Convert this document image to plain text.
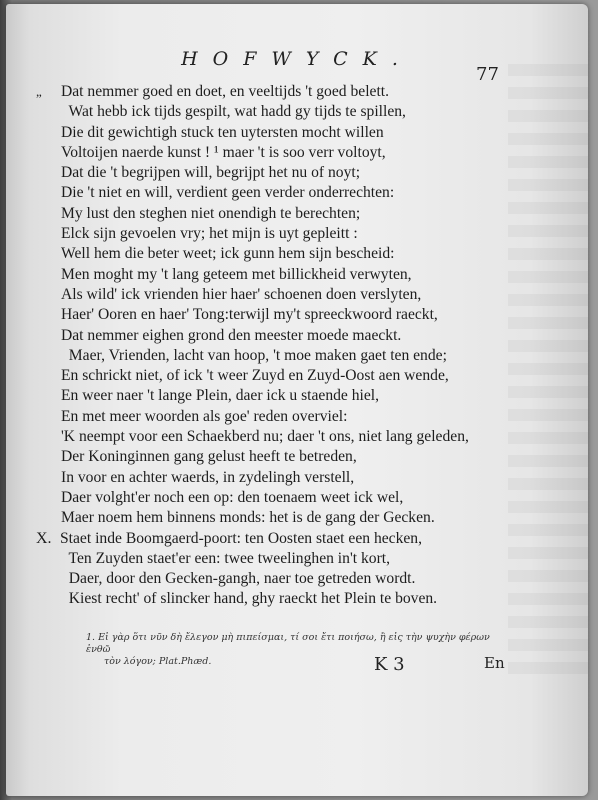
HOFWYCK.
77
„ Dat nemmer goed en doet, en veeltijds 't goed belett.
Wat hebb ick tijds gespilt, wat hadd gy tijds te spillen,
Die dit gewichtigh stuck ten uytersten mocht willen
Voltoijen naerde kunst ! ¹ maer 't is soo verr voltoyt,
Dat die 't begrijpen will, begrijpt het nu of noyt;
Die 't niet en will, verdient geen verder onderrechten:
My lust den steghen niet onendigh te berechten;
Elck sijn gevoelen vry; het mijn is uyt gepleitt :
Well hem die beter weet; ick gunn hem sijn bescheid:
Men moght my 't lang geteem met billickheid verwyten,
Als wild' ick vrienden hier haer' schoenen doen verslyten,
Haer' Ooren en haer' Tong:terwijl my't spreeckwoord raeckt,
Dat nemmer eighen grond den meester moede maeckt.
Maer, Vrienden, lacht van hoop, 't moe maken gaet ten ende;
En schrickt niet, of ick 't weer Zuyd en Zuyd-Oost aen wende,
En weer naer 't lange Plein, daer ick u staende hiel,
En met meer woorden als goe' reden overviel:
'K neempt voor een Schaekberd nu; daer 't ons, niet lang geleden,
Der Koninginnen gang gelust heeft te betreden,
In voor en achter waerds, in zydelingh verstell,
Daer volght'er noch een op: den toenaem weet ick wel,
Maer noem hem binnens monds: het is de gang der Gecken.
X. Staet inde Boomgaerd-poort: ten Oosten staet een hecken,
Ten Zuyden staet'er een: twee tweelinghen in't kort,
Daer, door den Gecken-gangh, naer toe getreden wordt.
Kiest recht' of slincker hand, ghy raeckt het Plein te boven.
1. Εἰ γὰρ ὅτι νῦν δὴ ἔλεγον μὴ πιπείσμαι, τί σοι ἔτι ποιήσω, ἢ εἰς τὴν ψυχὴν φέρων ἐνθῶ
τὸν λόγον; Plat.Phæd.	K 3	En
